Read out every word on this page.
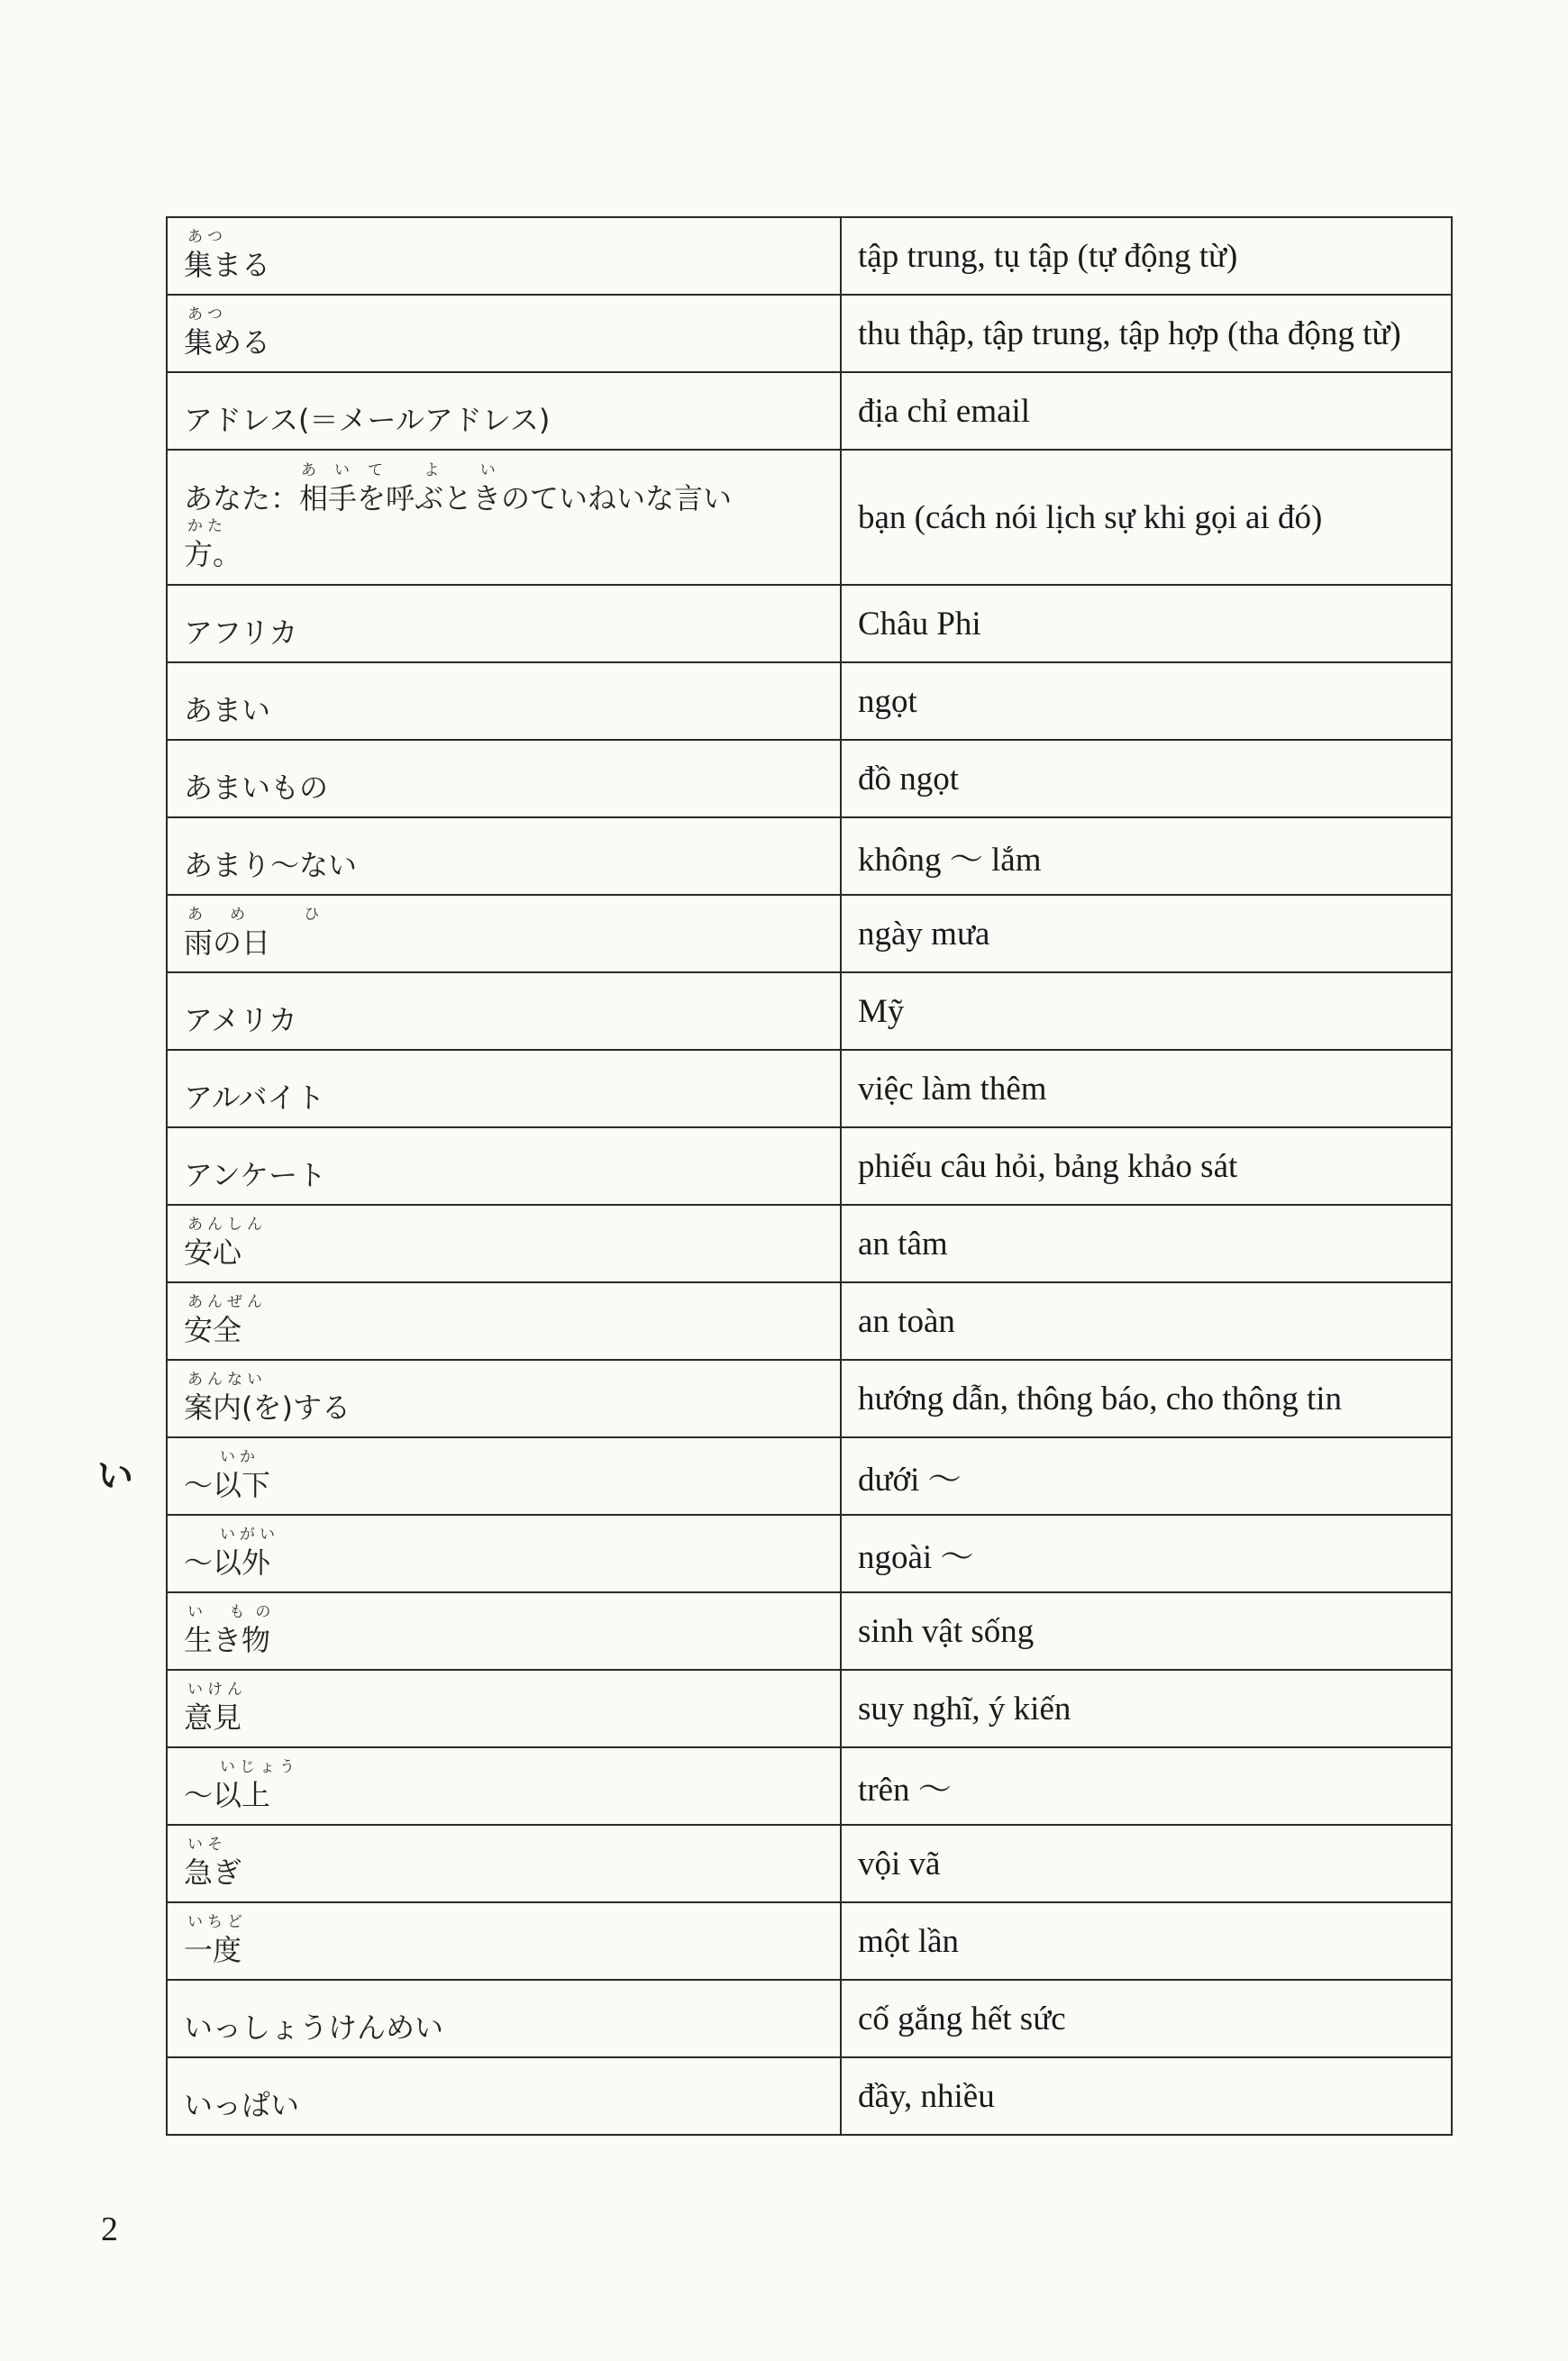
あつ
集まる	tập trung, tụ tập (tự động từ)

あつ
集める	thu thập, tập trung, tập hợp (tha động từ)

アドレス(＝メールアドレス)	địa chỉ email

あいて よ い
あなた：相手を呼ぶときのていねいな言い
かた
方。	bạn (cách nói lịch sự khi gọi ai đó)

アフリカ	Châu Phi

あまい	ngọt

あまいもの	đồ ngọt

あまり〜ない	không 〜 lắm

あめ ひ
雨の日	ngày mưa

アメリカ	Mỹ

アルバイト	việc làm thêm

アンケート	phiếu câu hỏi, bảng khảo sát

あんしん
安心	an tâm

あんぜん
安全	an toàn

あんない
案内(を)する	hướng dẫn, thông báo, cho thông tin

いか
〜以下	dưới 〜

いがい
〜以外	ngoài 〜

い もの
生き物	sinh vật sống

いけん
意見	suy nghĩ, ý kiến

いじょう
〜以上	trên 〜

いそ
急ぎ	vội vã

いちど
一度	một lần

いっしょうけんめい	cố gắng hết sức

いっぱい	đầy, nhiều
い
2
